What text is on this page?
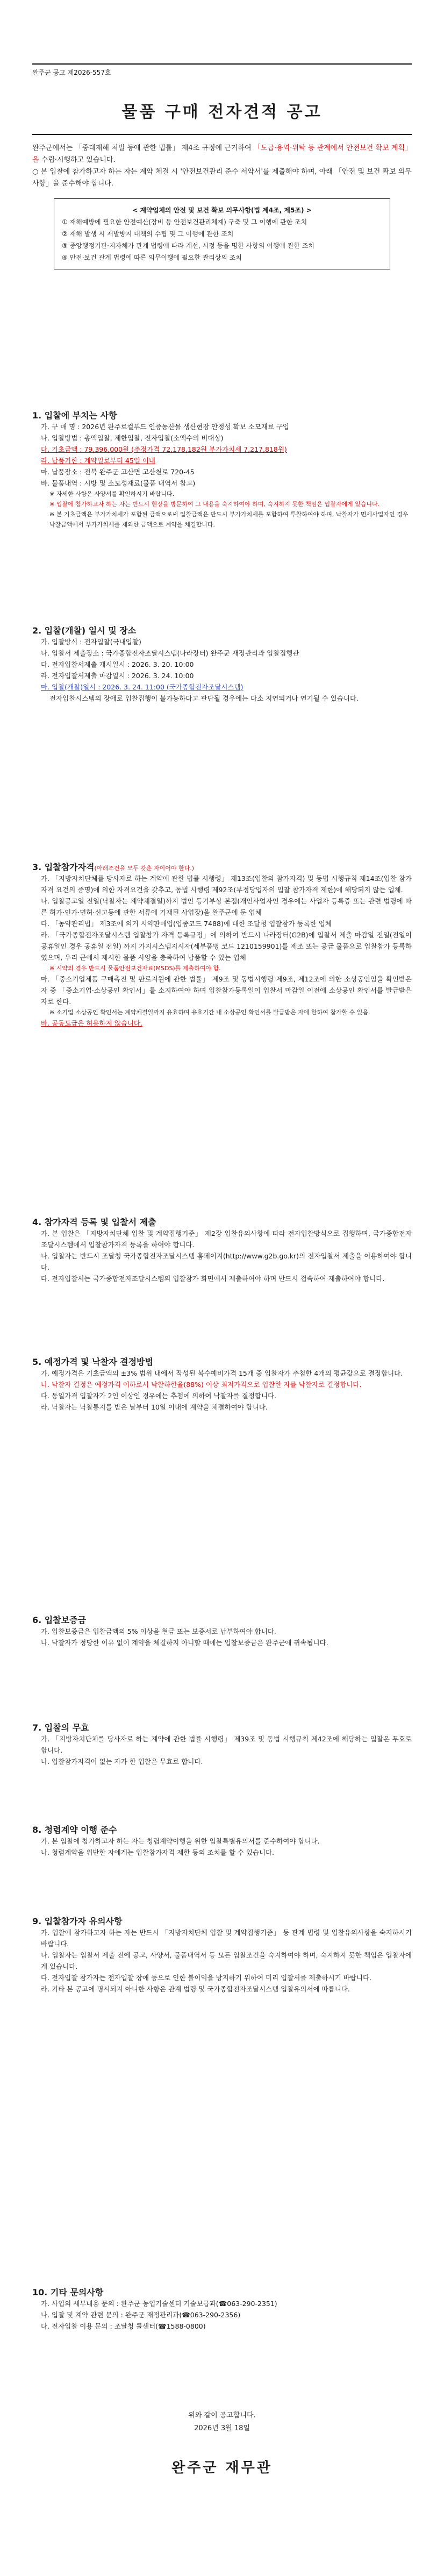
완주군 공고 제2026-557호
물품 구매 전자견적 공고
완주군에서는 「중대재해 처벌 등에 관한 법률」 제4조 규정에 근거하여 「도급·용역·위탁 등 관계에서 안전보건 확보 계획」을 수립·시행하고 있습니다.
○ 본 입찰에 참가하고자 하는 자는 계약 체결 시 '안전보건관리 준수 서약서'를 제출해야 하며, 아래 「안전 및 보건 확보 의무사항」을 준수해야 합니다.
< 계약업체의 안전 및 보건 확보 의무사항(법 제4조, 제5조) >
① 재해예방에 필요한 안전예산(장비 등 안전보건관리체계) 구축 및 그 이행에 관한 조치
② 재해 발생 시 재발방지 대책의 수립 및 그 이행에 관한 조치
③ 중앙행정기관·지자체가 관계 법령에 따라 개선, 시정 등을 명한 사항의 이행에 관한 조치
④ 안전·보건 관계 법령에 따른 의무이행에 필요한 관리상의 조치
1. 입찰에 부치는 사항
가. 구 매 명 : 2026년 완주로컬푸드 인증농산물 생산현장 안정성 확보 소모재료 구입
나. 입찰방법 : 총액입찰, 제한입찰, 전자입찰(소액수의 비대상)
다. 기초금액 : 79,396,000원 (추정가격 72,178,182원 부가가치세 7,217,818원)
라. 납품기한 : 계약일로부터 45일 이내
마. 납품장소 : 전북 완주군 고산면 고산천로 720-45
바. 물품내역 : 시방 및 소모성재료(물품 내역서 참고)
※ 자세한 사항은 사양서를 확인하시기 바랍니다.
※ 입찰에 참가하고자 하는 자는 반드시 현장을 방문하여 그 내용을 숙지하여야 하며, 숙지하지 못한 책임은 입찰자에게 있습니다.
※ 본 기초금액은 부가가치세가 포함된 금액으로써 입찰금액은 반드시 부가가치세를 포함하여 투찰하여야 하며, 낙찰자가 면세사업자인 경우 낙찰금액에서 부가가치세를 제외한 금액으로 계약을 체결합니다.
2. 입찰(개찰) 일시 및 장소
가. 입찰방식 : 전자입찰(국내입찰)
나. 입찰서 제출장소 : 국가종합전자조달시스템(나라장터) 완주군 재정관리과 입찰집행관
다. 전자입찰서제출 개시일시 : 2026. 3. 20. 10:00
라. 전자입찰서제출 마감일시 : 2026. 3. 24. 10:00
마. 입찰(개찰)일시 : 2026. 3. 24. 11:00 (국가종합전자조달시스템)
전자입찰시스템의 장애로 입찰집행이 불가능하다고 판단될 경우에는 다소 지연되거나 연기될 수 있습니다.
3. 입찰참가자격(아래조건을 모두 갖춘 자이어야 한다.)
가. 「지방자치단체를 당사자로 하는 계약에 관한 법률 시행령」 제13조(입찰의 참가자격) 및 동법 시행규칙 제14조(입찰 참가자격 요건의 증명)에 의한 자격요건을 갖추고, 동법 시행령 제92조(부정당업자의 입찰 참가자격 제한)에 해당되지 않는 업체.
나. 입찰공고일 전일(낙찰자는 계약체결일)까지 법인 등기부상 본점(개인사업자인 경우에는 사업자 등록증 또는 관련 법령에 따른 허가·인가·면허·신고등에 관한 서류에 기재된 사업장)을 완주군에 둔 업체
다. 「농약관리법」 제3조에 의거 시약판매업(업종코드 7488)에 대한 조달청 입찰참가 등록한 업체
라. 「국가종합전자조달시스템 입찰참가 자격 등록규정」에 의하여 반드시 나라장터(G2B)에 입찰서 제출 마감일 전일(전일이 공휴일인 경우 공휴일 전일) 까지 가지시스템지시자(세부품명 코드 1210159901)를 제조 또는 공급 물품으로 입찰참가 등록하였으며, 우리 군에서 제시한 물품 사양을 충족하여 납품할 수 있는 업체
※ 시약의 경우 반드시 물품안전보건자료(MSDS)를 제출하여야 함.
마. 「중소기업제품 구매촉진 및 판로지원에 관한 법률」 제9조 및 동법시행령 제9조, 제12조에 의한 소상공인임을 확인받은 자 중 「중소기업·소상공인 확인서」를 소지하여야 하며 입찰참가등록일이 입찰서 마감일 이전에 소상공인 확인서를 발급받은 자로 한다.
※ 소기업 소상공인 확인서는 계약체결일까지 유효하며 유효기간 내 소상공인 확인서를 발급받은 자에 한하여 참가할 수 있음.
바. 공동도급은 허용하지 않습니다.
4. 참가자격 등록 및 입찰서 제출
가. 본 입찰은 「지방자치단체 입찰 및 계약집행기준」 제2장 입찰유의사항에 따라 전자입찰방식으로 집행하며, 국가종합전자조달시스템에서 입찰참가자격 등록을 하여야 합니다.
나. 입찰자는 반드시 조달청 국가종합전자조달시스템 홈페이지(http://www.g2b.go.kr)의 전자입찰서 제출을 이용하여야 합니다.
다. 전자입찰서는 국가종합전자조달시스템의 입찰참가 화면에서 제출하여야 하며 반드시 접속하여 제출하여야 합니다.
5. 예정가격 및 낙찰자 결정방법
가. 예정가격은 기초금액의 ±3% 범위 내에서 작성된 복수예비가격 15개 중 입찰자가 추첨한 4개의 평균값으로 결정합니다.
나. 낙찰자 결정은 예정가격 이하로서 낙찰하한율(88%) 이상 최저가격으로 입찰한 자를 낙찰자로 결정합니다.
다. 동일가격 입찰자가 2인 이상인 경우에는 추첨에 의하여 낙찰자를 결정합니다.
라. 낙찰자는 낙찰통지를 받은 날부터 10일 이내에 계약을 체결하여야 합니다.
6. 입찰보증금
가. 입찰보증금은 입찰금액의 5% 이상을 현금 또는 보증서로 납부하여야 합니다.
나. 낙찰자가 정당한 이유 없이 계약을 체결하지 아니할 때에는 입찰보증금은 완주군에 귀속됩니다.
7. 입찰의 무효
가. 「지방자치단체를 당사자로 하는 계약에 관한 법률 시행령」 제39조 및 동법 시행규칙 제42조에 해당하는 입찰은 무효로 합니다.
나. 입찰참가자격이 없는 자가 한 입찰은 무효로 합니다.
8. 청렴계약 이행 준수
가. 본 입찰에 참가하고자 하는 자는 청렴계약이행을 위한 입찰특별유의서를 준수하여야 합니다.
나. 청렴계약을 위반한 자에게는 입찰참가자격 제한 등의 조치를 할 수 있습니다.
9. 입찰참가자 유의사항
가. 입찰에 참가하고자 하는 자는 반드시 「지방자치단체 입찰 및 계약집행기준」 등 관계 법령 및 입찰유의사항을 숙지하시기 바랍니다.
나. 입찰자는 입찰서 제출 전에 공고, 사양서, 물품내역서 등 모든 입찰조건을 숙지하여야 하며, 숙지하지 못한 책임은 입찰자에게 있습니다.
다. 전자입찰 참가자는 전자입찰 장애 등으로 인한 불이익을 방지하기 위하여 미리 입찰서를 제출하시기 바랍니다.
라. 기타 본 공고에 명시되지 아니한 사항은 관계 법령 및 국가종합전자조달시스템 입찰유의서에 따릅니다.
10. 기타 문의사항
가. 사업의 세부내용 문의 : 완주군 농업기술센터 기술보급과(☎063-290-2351)
나. 입찰 및 계약 관련 문의 : 완주군 재정관리과(☎063-290-2356)
다. 전자입찰 이용 문의 : 조달청 콜센터(☎1588-0800)
위와 같이 공고합니다.
2026년 3월 18일
완주군 재무관
